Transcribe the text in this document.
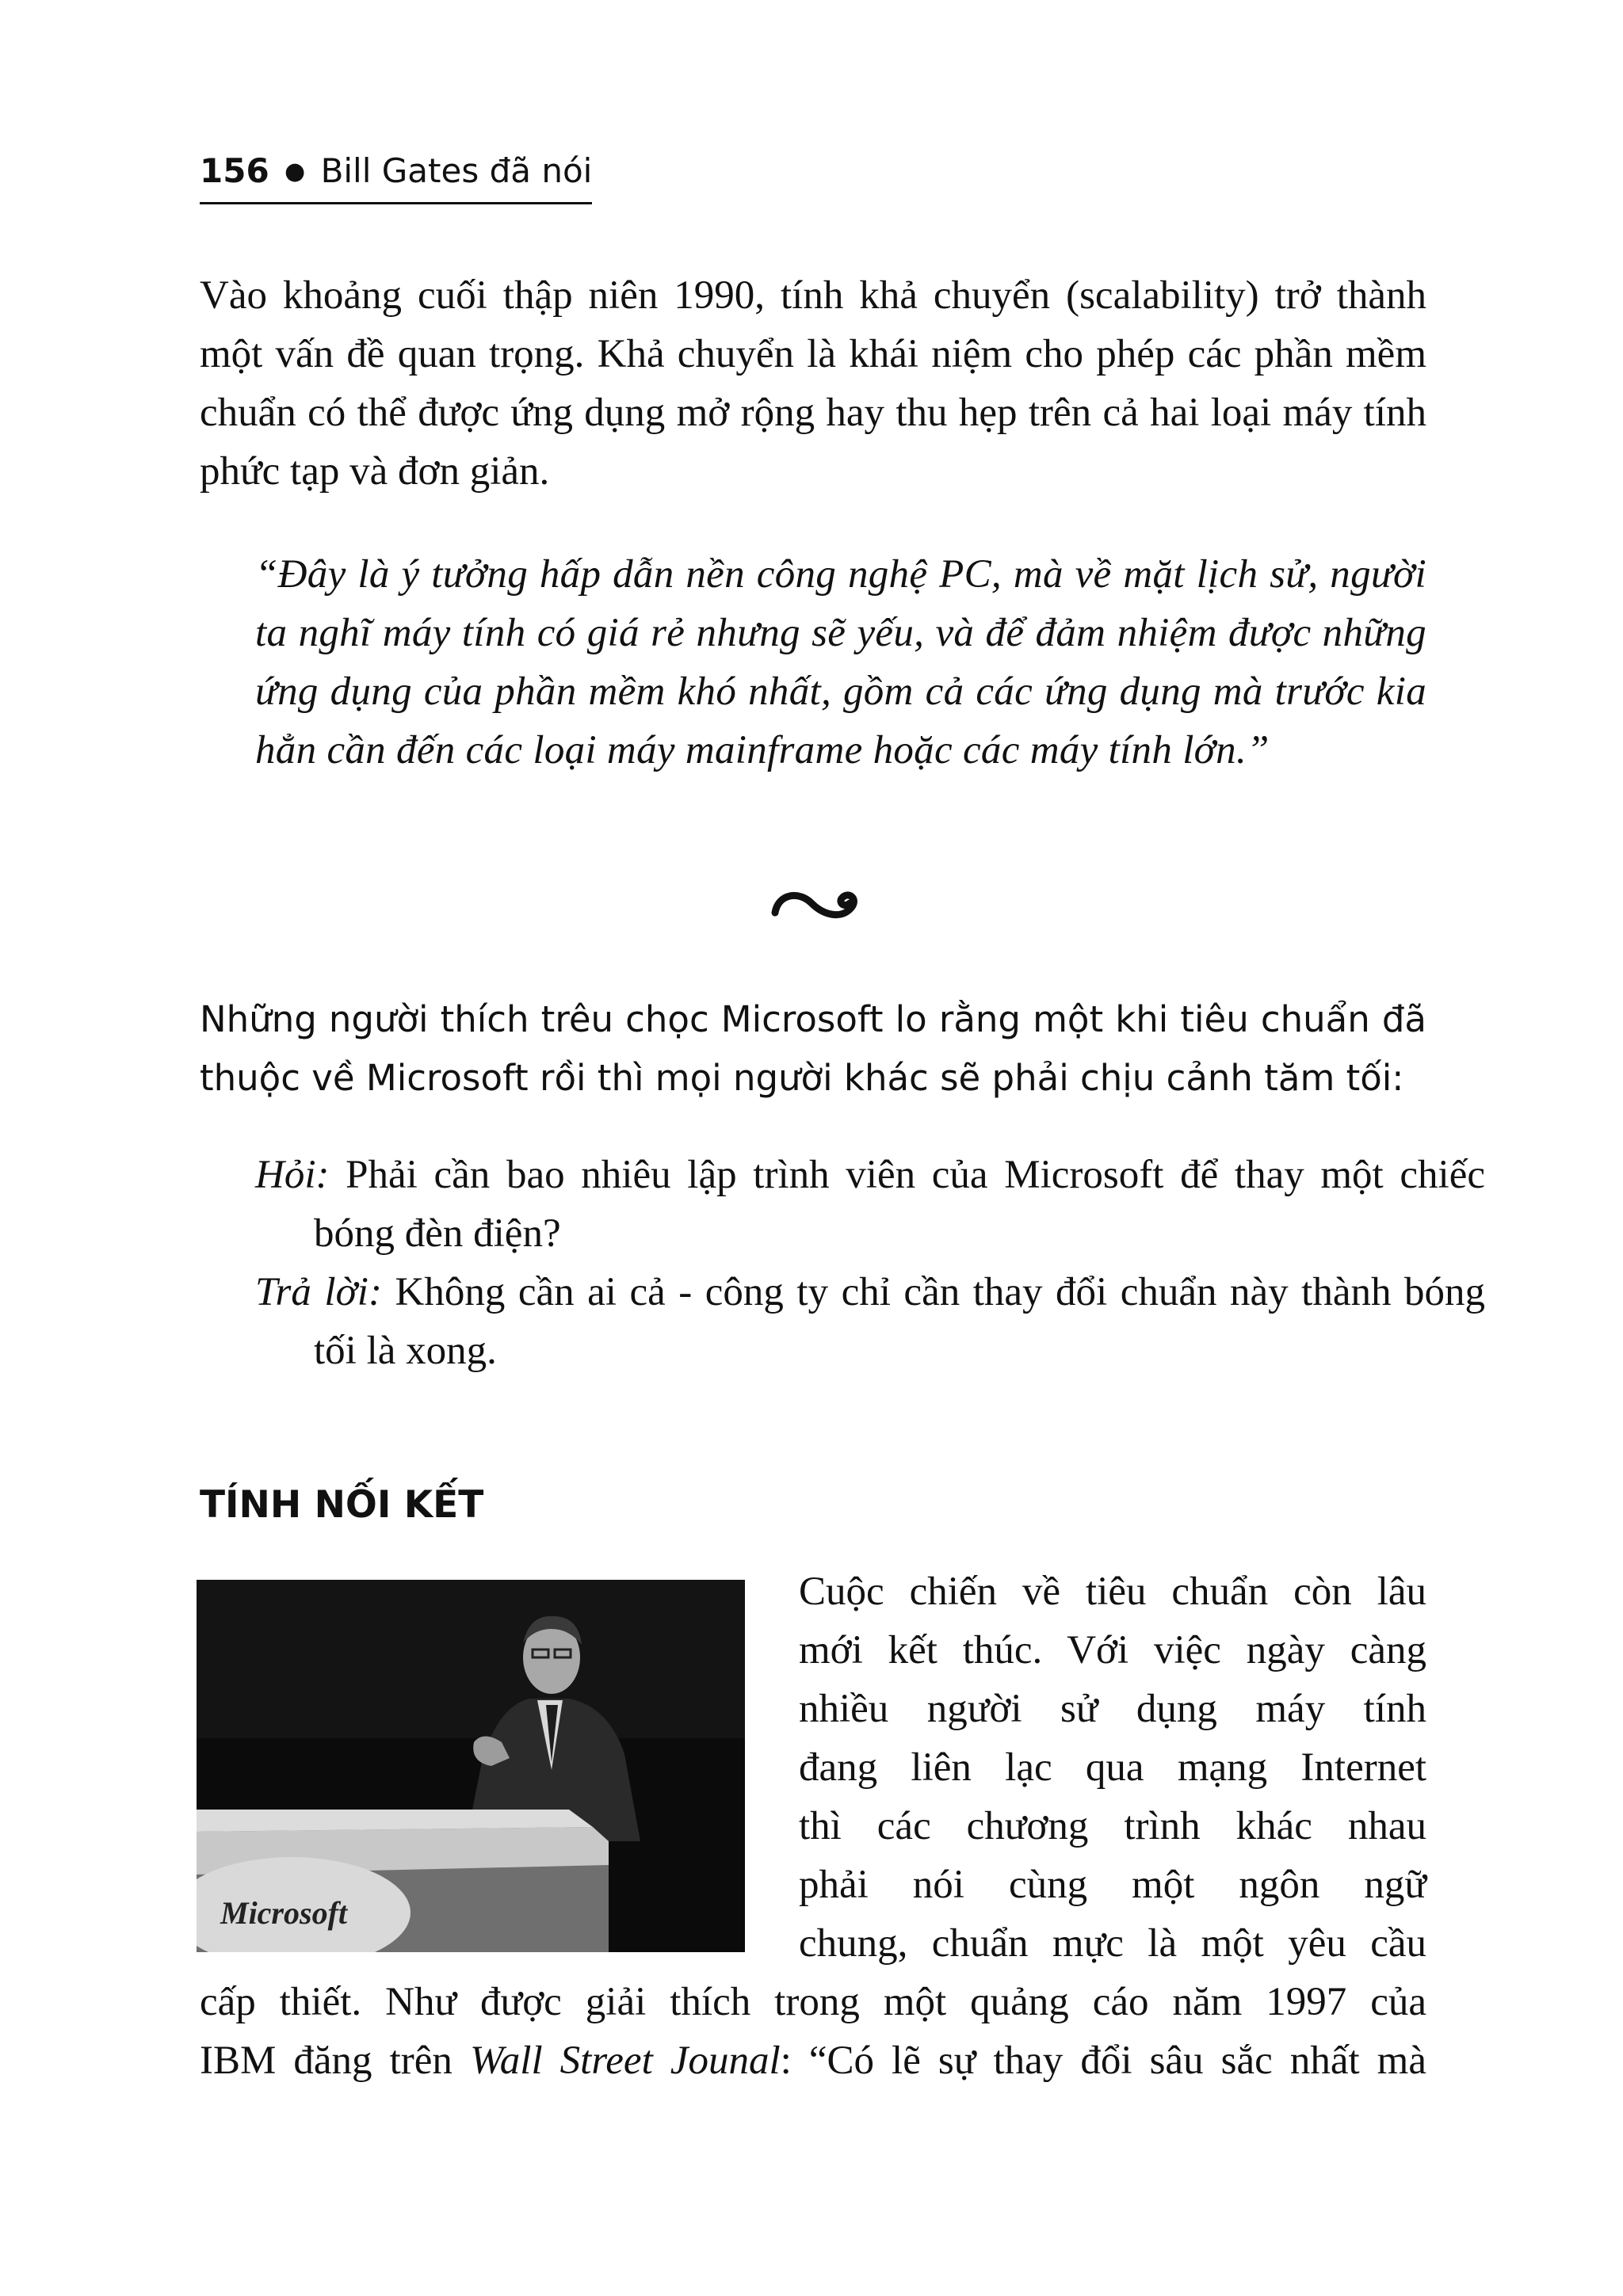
156 ● Bill Gates đã nói

Vào khoảng cuối thập niên 1990, tính khả chuyển (scalability) trở thành một vấn đề quan trọng. Khả chuyển là khái niệm cho phép các phần mềm chuẩn có thể được ứng dụng mở rộng hay thu hẹp trên cả hai loại máy tính phức tạp và đơn giản.

“Đây là ý tưởng hấp dẫn nền công nghệ PC, mà về mặt lịch sử, người ta nghĩ máy tính có giá rẻ nhưng sẽ yếu, và để đảm nhiệm được những ứng dụng của phần mềm khó nhất, gồm cả các ứng dụng mà trước kia hẳn cần đến các loại máy mainframe hoặc các máy tính lớn.”

Những người thích trêu chọc Microsoft lo rằng một khi tiêu chuẩn đã thuộc về Microsoft rồi thì mọi người khác sẽ phải chịu cảnh tăm tối:

Hỏi: Phải cần bao nhiêu lập trình viên của Microsoft để thay một chiếc bóng đèn điện?

Trả lời: Không cần ai cả - công ty chỉ cần thay đổi chuẩn này thành bóng tối là xong.

TÍNH NỐI KẾT
Microsoft
Cuộc chiến về tiêu chuẩn còn lâu
mới kết thúc. Với việc ngày càng
nhiều người sử dụng máy tính
đang liên lạc qua mạng Internet
thì các chương trình khác nhau
phải nói cùng một ngôn ngữ
chung, chuẩn mực là một yêu cầu
cấp thiết. Như được giải thích trong một quảng cáo năm 1997 của
IBM đăng trên Wall Street Jounal: “Có lẽ sự thay đổi sâu sắc nhất mà
